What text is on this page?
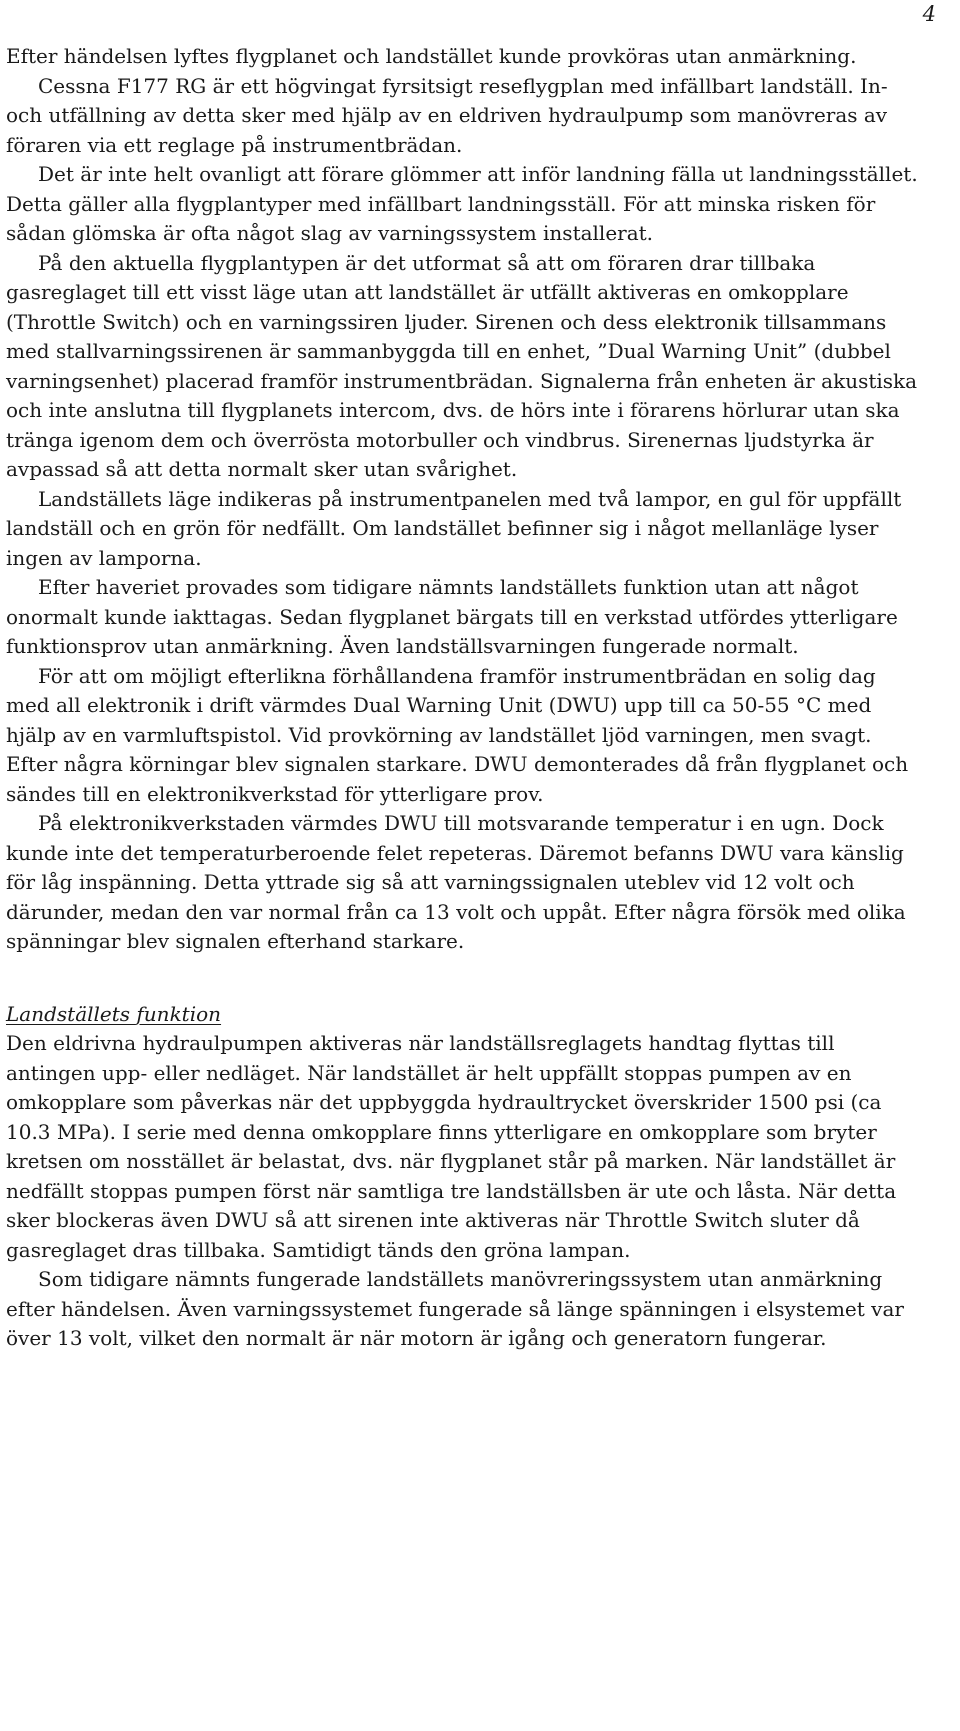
4

Efter händelsen lyftes flygplanet och landstället kunde provköras utan anmärkning.

Cessna F177 RG är ett högvingat fyrsitsigt reseflygplan med infällbart landställ. In- och utfällning av detta sker med hjälp av en eldriven hydraulpump som manövreras av föraren via ett reglage på instrumentbrädan.

Det är inte helt ovanligt att förare glömmer att inför landning fälla ut landningsstället. Detta gäller alla flygplantyper med infällbart landningsställ. För att minska risken för sådan glömska är ofta något slag av varningssystem installerat.

På den aktuella flygplantypen är det utformat så att om föraren drar tillbaka gasreglaget till ett visst läge utan att landstället är utfällt aktiveras en omkopplare (Throttle Switch) och en varningssiren ljuder. Sirenen och dess elektronik tillsammans med stallvarningssirenen är sammanbyggda till en enhet, ”Dual Warning Unit” (dubbel varningsenhet) placerad framför instrumentbrädan. Signalerna från enheten är akustiska och inte anslutna till flygplanets intercom, dvs. de hörs inte i förarens hörlurar utan ska tränga igenom dem och överrösta motorbuller och vindbrus. Sirenernas ljudstyrka är avpassad så att detta normalt sker utan svårighet.

Landställets läge indikeras på instrumentpanelen med två lampor, en gul för uppfällt landställ och en grön för nedfällt. Om landstället befinner sig i något mellanläge lyser ingen av lamporna.

Efter haveriet provades som tidigare nämnts landställets funktion utan att något onormalt kunde iakttagas. Sedan flygplanet bärgats till en verkstad utfördes ytterligare funktionsprov utan anmärkning. Även landställsvarningen fungerade normalt.

För att om möjligt efterlikna förhållandena framför instrumentbrädan en solig dag med all elektronik i drift värmdes Dual Warning Unit (DWU) upp till ca 50-55 °C med hjälp av en varmluftspistol. Vid provkörning av landstället ljöd varningen, men svagt. Efter några körningar blev signalen starkare. DWU demonterades då från flygplanet och sändes till en elektronikverkstad för ytterligare prov.

På elektronikverkstaden värmdes DWU till motsvarande temperatur i en ugn. Dock kunde inte det temperaturberoende felet repeteras. Däremot befanns DWU vara känslig för låg inspänning. Detta yttrade sig så att varningssignalen uteblev vid 12 volt och därunder, medan den var normal från ca 13 volt och uppåt. Efter några försök med olika spänningar blev signalen efterhand starkare.

Landställets funktion

Den eldrivna hydraulpumpen aktiveras när landställsreglagets handtag flyttas till antingen upp- eller nedläget. När landstället är helt uppfällt stoppas pumpen av en omkopplare som påverkas när det uppbyggda hydraultrycket överskrider 1500 psi (ca 10.3 MPa). I serie med denna omkopplare finns ytterligare en omkopplare som bryter kretsen om nosstället är belastat, dvs. när flygplanet står på marken. När landstället är nedfällt stoppas pumpen först när samtliga tre landställsben är ute och låsta. När detta sker blockeras även DWU så att sirenen inte aktiveras när Throttle Switch sluter då gasreglaget dras tillbaka. Samtidigt tänds den gröna lampan.

Som tidigare nämnts fungerade landställets manövreringssystem utan anmärkning efter händelsen. Även varningssystemet fungerade så länge spänningen i elsystemet var över 13 volt, vilket den normalt är när motorn är igång och generatorn fungerar.
